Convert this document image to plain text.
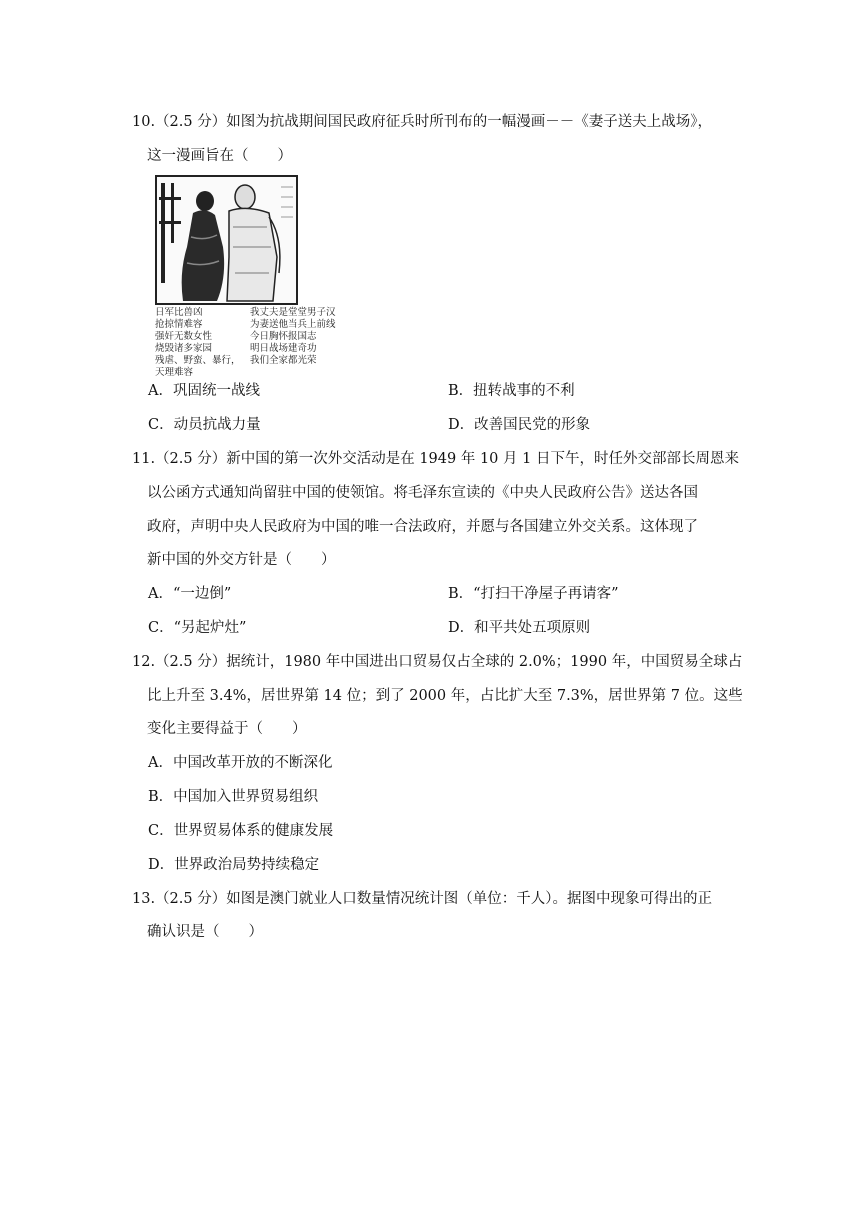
10.（2.5 分）如图为抗战期间国民政府征兵时所刊布的一幅漫画－－《妻子送夫上战场》，
这一漫画旨在（　　）
日军比兽凶
抢掠情难容
强奸无数女性
烧毁诸多家园
残虐、野蛮、暴行，
天理难容
我丈夫是堂堂男子汉
为妻送他当兵上前线
今日胸怀报国志
明日战场建奇功
我们全家都光荣
A．巩固统一战线	B．扭转战事的不利
C．动员抗战力量	D．改善国民党的形象
11.（2.5 分）新中国的第一次外交活动是在 1949 年 10 月 1 日下午，时任外交部部长周恩来
以公函方式通知尚留驻中国的使领馆。将毛泽东宣读的《中央人民政府公告》送达各国
政府，声明中央人民政府为中国的唯一合法政府，并愿与各国建立外交关系。这体现了
新中国的外交方针是（　　）
A．“一边倒”	B．“打扫干净屋子再请客”
C．“另起炉灶”	D．和平共处五项原则
12.（2.5 分）据统计，1980 年中国进出口贸易仅占全球的 2.0%；1990 年，中国贸易全球占
比上升至 3.4%，居世界第 14 位；到了 2000 年，占比扩大至 7.3%，居世界第 7 位。这些
变化主要得益于（　　）
A．中国改革开放的不断深化
B．中国加入世界贸易组织
C．世界贸易体系的健康发展
D．世界政治局势持续稳定
13.（2.5 分）如图是澳门就业人口数量情况统计图（单位：千人）。据图中现象可得出的正
确认识是（　　）
